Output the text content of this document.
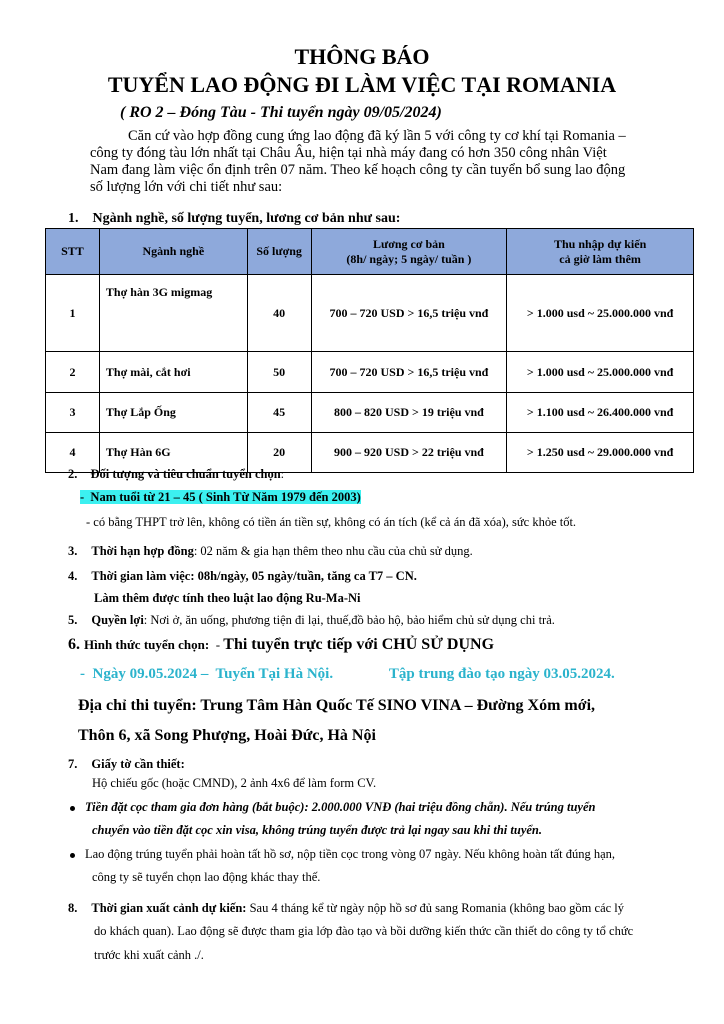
THÔNG BÁO
TUYỂN LAO ĐỘNG ĐI LÀM VIỆC TẠI ROMANIA
( RO 2 – Đóng Tàu - Thi tuyển ngày 09/05/2024)

Căn cứ vào hợp đồng cung ứng lao động đã ký lần 5 với công ty cơ khí tại Romania –

công ty đóng tàu lớn nhất tại Châu Âu, hiện tại nhà máy đang có hơn 350 công nhân Việt

Nam đang làm việc ổn định trên 07 năm. Theo kế hoạch công ty cần tuyển bổ sung lao động

số lượng lớn với chi tiết như sau:

1.    Ngành nghề, số lượng tuyển, lương cơ bản như sau:
STT	Ngành nghề	Số lượng	Lương cơ bản
(8h/ ngày; 5 ngày/ tuần )	Thu nhập dự kiến
cả giờ làm thêm
1	Thợ hàn 3G migmag	40	700 – 720 USD > 16,5 triệu vnđ	> 1.000 usd ~ 25.000.000 vnđ
2	Thợ mài, cắt hơi	50	700 – 720 USD > 16,5 triệu vnđ	> 1.000 usd ~ 25.000.000 vnđ
3	Thợ Lắp Ống	45	800 – 820 USD > 19 triệu vnđ	> 1.100 usd ~ 26.400.000 vnđ
4	Thợ Hàn 6G	20	900 – 920 USD > 22 triệu vnđ	> 1.250 usd ~ 29.000.000 vnđ
2. Đối tượng và tiêu chuẩn tuyển chọn:
-  Nam tuổi từ 21 – 45 ( Sinh Từ Năm 1979 đến 2003)
- có bằng THPT trở lên, không có tiền án tiền sự, không có án tích (kể cả án đã xóa), sức khỏe tốt.
3. Thời hạn hợp đồng: 02 năm & gia hạn thêm theo nhu cầu của chủ sử dụng.
4. Thời gian làm việc: 08h/ngày, 05 ngày/tuần, tăng ca T7 – CN.
Làm thêm được tính theo luật lao động Ru-Ma-Ni
5. Quyền lợi: Nơi ở, ăn uống, phương tiện đi lại, thuế,đồ bảo hộ, bảo hiểm chủ sử dụng chi trả.
6. Hình thức tuyển chọn:  - Thi tuyển trực tiếp với CHỦ SỬ DỤNG
-  Ngày 09.05.2024 –  Tuyển Tại Hà Nội.	Tập trung đào tạo ngày 03.05.2024.
Địa chỉ thi tuyển: Trung Tâm Hàn Quốc Tế SINO VINA – Đường Xóm mới,
Thôn 6, xã Song Phượng, Hoài Đức, Hà Nội
7. Giấy tờ cần thiết:
Hộ chiếu gốc (hoặc CMND), 2 ảnh 4x6 để làm form CV.
Tiền đặt cọc tham gia đơn hàng (bắt buộc): 2.000.000 VNĐ (hai triệu đồng chẵn). Nếu trúng tuyển
chuyển vào tiền đặt cọc xin visa, không trúng tuyển được trả lại ngay sau khi thi tuyển.
Lao động trúng tuyển phải hoàn tất hồ sơ, nộp tiền cọc trong vòng 07 ngày. Nếu không hoàn tất đúng hạn,
công ty sẽ tuyển chọn lao động khác thay thế.
8. Thời gian xuất cảnh dự kiến: Sau 4 tháng kể từ ngày nộp hồ sơ đủ sang Romania (không bao gồm các lý
do khách quan). Lao động sẽ được tham gia lớp đào tạo và bồi dưỡng kiến thức cần thiết do công ty tổ chức
trước khi xuất cảnh ./.
